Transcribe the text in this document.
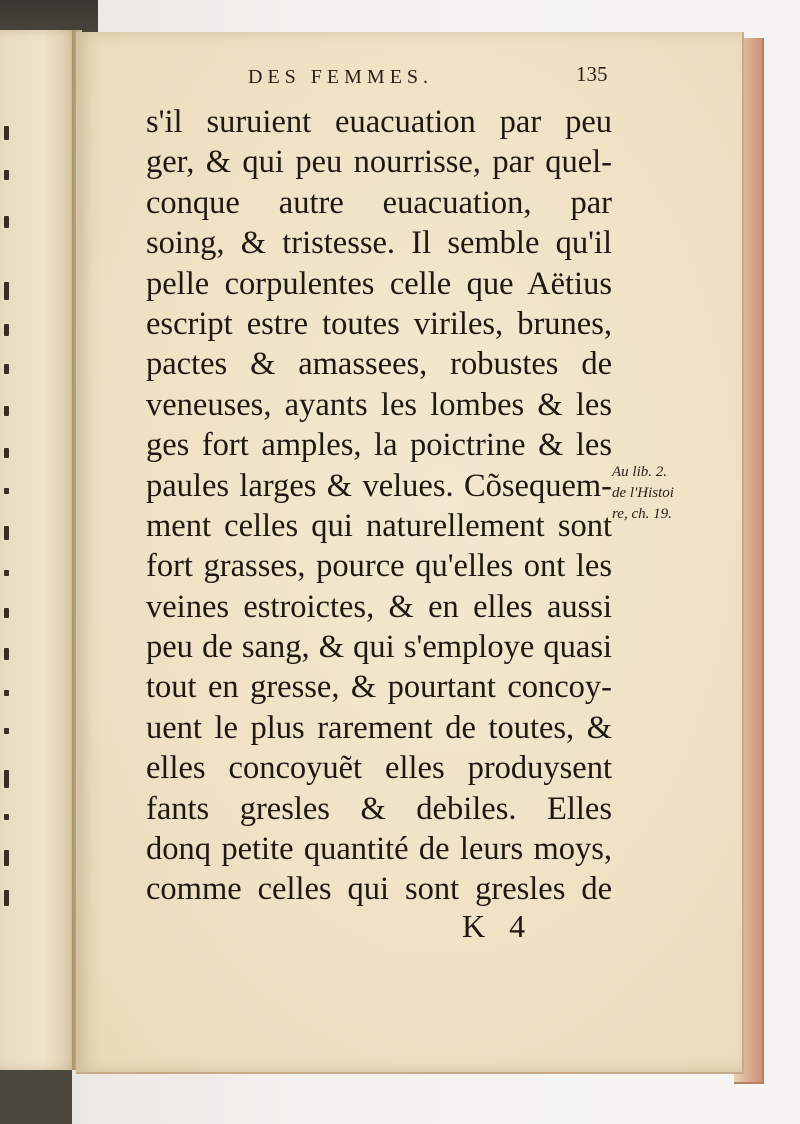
DES FEMMES.	135
s'il suruient euacuation par peu
ger, & qui peu nourrisse, par quel-
conque autre euacuation, par
soing, & tristesse. Il semble qu'il
pelle corpulentes celle que Aëtius
escript estre toutes viriles, brunes,
pactes & amassees, robustes de
veneuses, ayants les lombes & les
ges fort amples, la poictrine & les
paules larges & velues. Cõsequem-
ment celles qui naturellement sont
fort grasses, pource qu'elles ont les
veines estroictes, & en elles aussi
peu de sang, & qui s'employe quasi
tout en gresse, & pourtant concoy-
uent le plus rarement de toutes, &
elles concoyuẽt elles produysent
fants gresles & debiles. Elles
donq petite quantité de leurs moys,
comme celles qui sont gresles de
Au lib. 2.
de l'Histoi
re, ch. 19.
K 4
